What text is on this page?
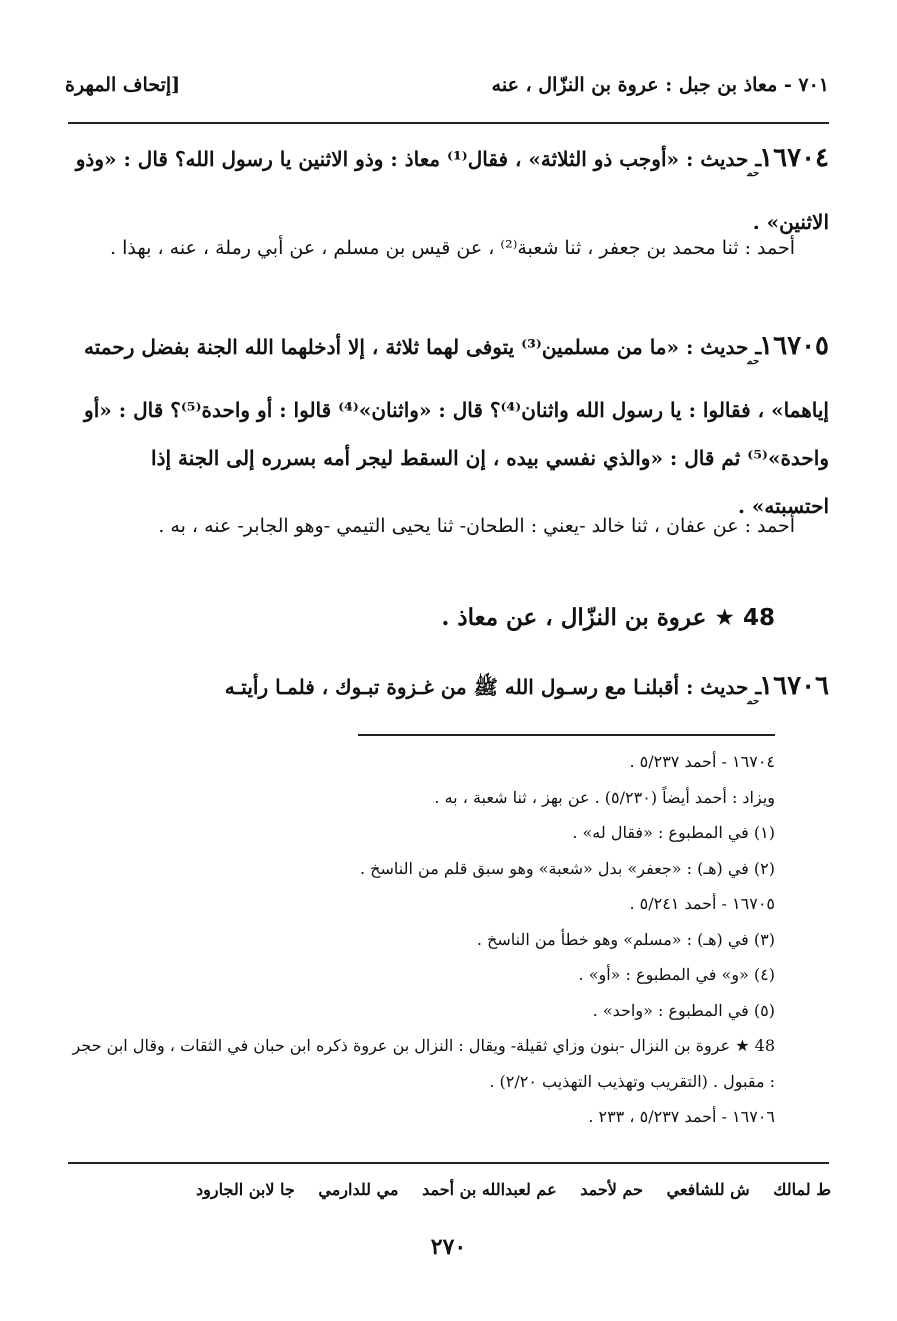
٧٠١ - معاذ بن جبل : عروة بن النزّال ، عنه
[إتحاف المهرة
$١٦٧٠٤_{حم}ـ$ حديث : «أوجب ذو الثلاثة» ، فقال⁽¹⁾ معاذ : وذو الاثنين يا رسول الله؟ قال : «وذو الاثنين» .
أحمد : ثنا محمد بن جعفر ، ثنا شعبة⁽²⁾ ، عن قيس بن مسلم ، عن أبي رملة ، عنه ، بهذا .
$١٦٧٠٥_{حم}ـ$ حديث : «ما من مسلمين⁽³⁾ يتوفى لهما ثلاثة ، إلا أدخلهما الله الجنة بفضل رحمته إياهما» ، فقالوا : يا رسول الله واثنان⁽⁴⁾؟ قال : «واثنان»⁽⁴⁾ قالوا : أو واحدة⁽⁵⁾؟ قال : «أو واحدة»⁽⁵⁾ ثم قال : «والذي نفسي بيده ، إن السقط ليجر أمه بسرره إلى الجنة إذا احتسبته» .
أحمد : عن عفان ، ثنا خالد -يعني : الطحان- ثنا يحيى التيمي -وهو الجابر- عنه ، به .
48 ★ عروة بن النزّال ، عن معاذ .
$١٦٧٠٦_{حم}ـ$ حديث : أقبلنـا مع رسـول الله ﷺ من غـزوة تبـوك ، فلمـا رأيتـه
١٦٧٠٤ - أحمد ٥/٢٣٧ .
ويزاد : أحمد أيضاً (٥/٢٣٠) . عن بهز ، ثنا شعبة ، به .
(١) في المطبوع : «فقال له» .
(٢) في (هـ) : «جعفر» بدل «شعبة» وهو سبق قلم من الناسخ .
١٦٧٠٥ - أحمد ٥/٢٤١ .
(٣) في (هـ) : «مسلم» وهو خطأ من الناسخ .
(٤) «و» في المطبوع : «أو» .
(٥) في المطبوع : «واحد» .
48 ★ عروة بن النزال -بنون وزاي ثقيلة- ويقال : النزال بن عروة ذكره ابن حبان في الثقات ، وقال ابن حجر : مقبول . (التقريب وتهذيب التهذيب ٢/٢٠) .
١٦٧٠٦ - أحمد ٥/٢٣٧ ، ٢٣٣ .
ط لمالك ش للشافعي حم لأحمد عم لعبدالله بن أحمد مي للدارمي جا لابن الجارود
٢٧٠
